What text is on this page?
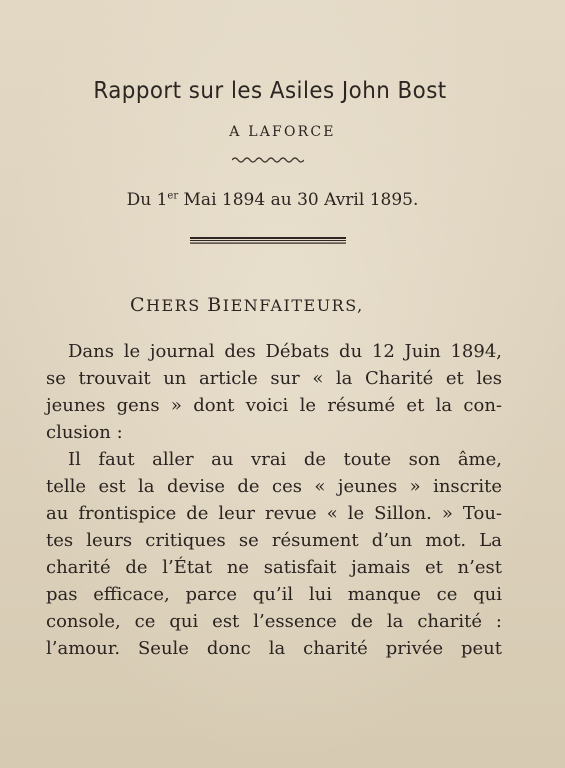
Rapport sur les Asiles John Bost
A LAFORCE
Du 1er Mai 1894 au 30 Avril 1895.
CHERS BIENFAITEURS,
Dans le journal des Débats du 12 Juin 1894,
se trouvait un article sur « la Charité et les
jeunes gens » dont voici le résumé et la con-
clusion :
Il faut aller au vrai de toute son âme,
telle est la devise de ces « jeunes » inscrite
au frontispice de leur revue « le Sillon. » Tou-
tes leurs critiques se résument d’un mot. La
charité de l’État ne satisfait jamais et n’est
pas efficace, parce qu’il lui manque ce qui
console, ce qui est l’essence de la charité :
l’amour. Seule donc la charité privée peut
